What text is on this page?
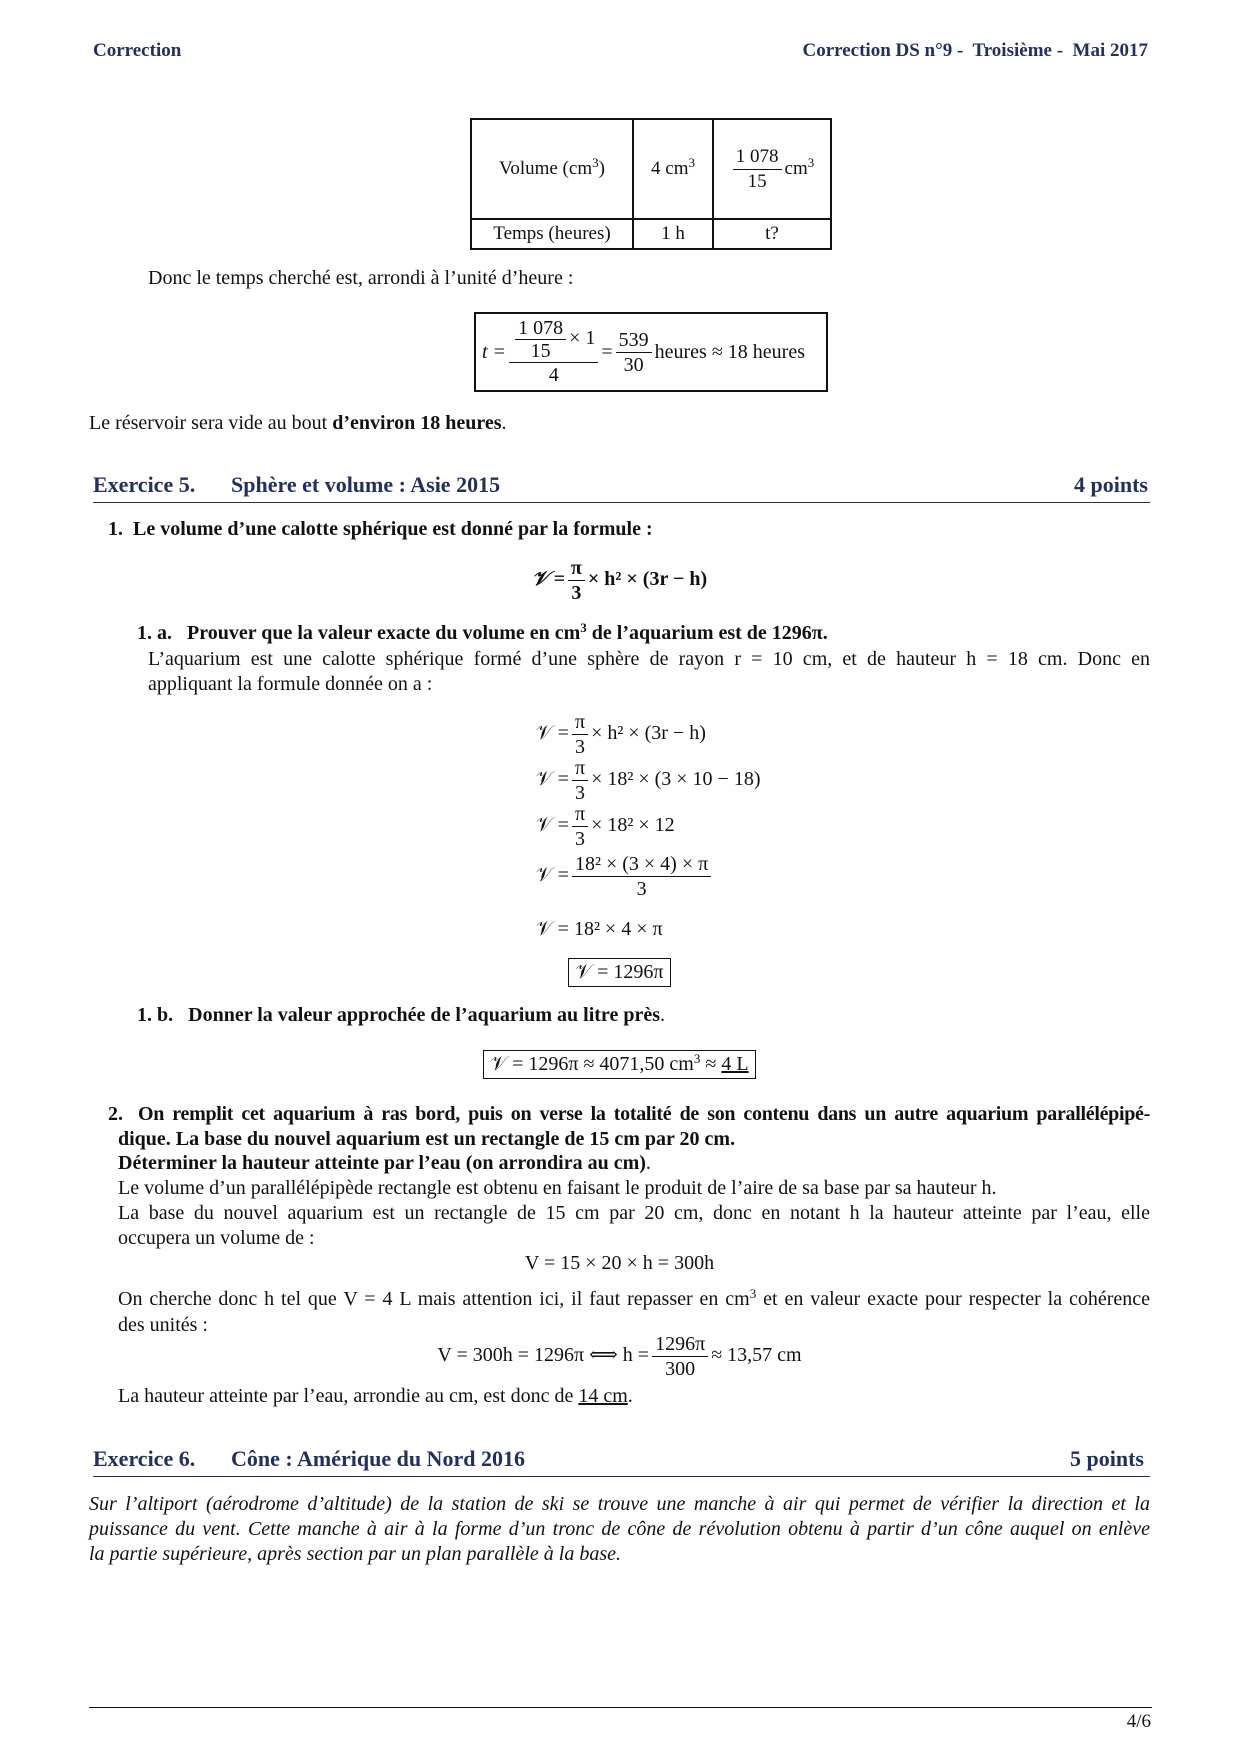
Correction	Correction DS n°9 -  Troisième -  Mai 2017
Volume $(cm^3)$	4 $cm^3$	$\frac{1 078}{15} cm^3$
Temps (heures)	1 h	t?
Donc le temps cherché est, arrondi à l’unité d’heure :
$t = \frac{\frac{1 078}{15} \times 1}{4} = \frac{539}{30}$ heures ≈ 18 heures
Le réservoir sera vide au bout d’environ 18 heures.
Exercice 5. Sphère et volume : Asie 2015	4 points
1. Le volume d’une calotte sphérique est donné par la formule :
𝒱 = $\frac{\pi}{3} \times h^2 \times (3r - h)$
1. a. Prouver que la valeur exacte du volume en $cm^3$ de l’aquarium est de 1296π.
L’aquarium est une calotte sphérique formé d’une sphère de rayon r = 10 cm, et de hauteur h = 18 cm. Donc en
appliquant la formule donnée on a :
𝒱 = $\frac{\pi}{3} \times h^2 \times (3r - h)$
𝒱 = $\frac{\pi}{3} \times 18^2 \times (3 \times 10 - 18)$
𝒱 = $\frac{\pi}{3} \times 18^2 \times 12$
𝒱 = $\frac{\text{18² × (3 × 4) × π}}{3}$
𝒱 = 18² × 4 × π
𝒱 = 1296π
1. b. Donner la valeur approchée de l’aquarium au litre près.
𝒱 = 1296π ≈ 4071,50 $cm^3 \approx 4$ L
2. On remplit cet aquarium à ras bord, puis on verse la totalité de son contenu dans un autre aquarium parallélépipé-
dique. La base du nouvel aquarium est un rectangle de 15 cm par 20 cm.
Déterminer la hauteur atteinte par l’eau (on arrondira au cm).
Le volume d’un parallélépipède rectangle est obtenu en faisant le produit de l’aire de sa base par sa hauteur h.
La base du nouvel aquarium est un rectangle de 15 cm par 20 cm, donc en notant h la hauteur atteinte par l’eau, elle
occupera un volume de :
V = 15 × 20 × h = 300h
On cherche donc h tel que V = 4 L mais attention ici, il faut repasser en $cm^3$ et en valeur exacte pour respecter la cohérence
des unités :
V = 300h = 1296π ⟺ $h = \frac{1296\pi}{300} \approx 13,57$ cm
La hauteur atteinte par l’eau, arrondie au cm, est donc de 14 cm.
Exercice 6. Cône : Amérique du Nord 2016	5 points
Sur l’altiport (aérodrome d’altitude) de la station de ski se trouve une manche à air qui permet de vérifier la direction et la
puissance du vent. Cette manche à air à la forme d’un tronc de cône de révolution obtenu à partir d’un cône auquel on enlève
la partie supérieure, après section par un plan parallèle à la base.
4/6
